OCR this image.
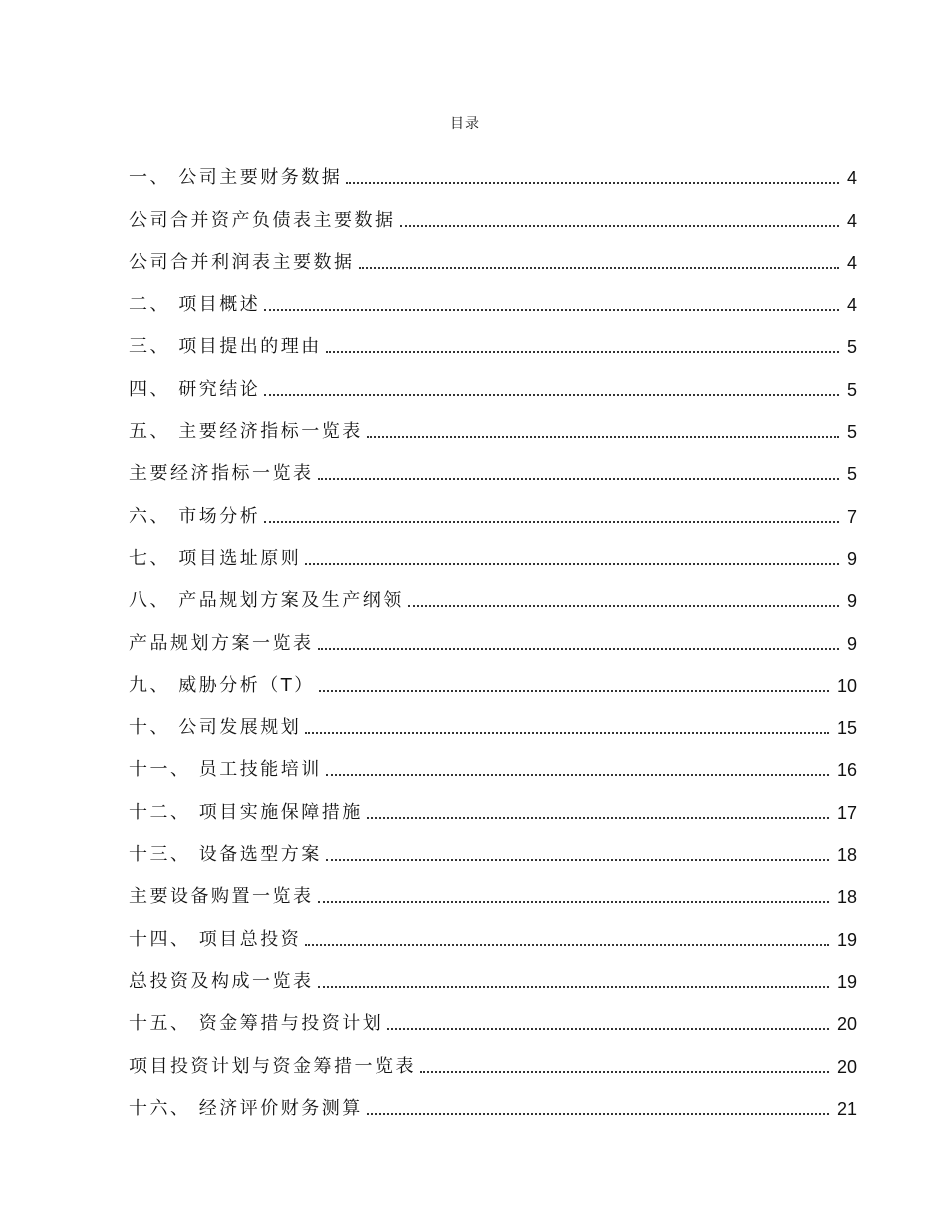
目录
一、 公司主要财务数据	4
公司合并资产负债表主要数据	4
公司合并利润表主要数据	4
二、 项目概述	4
三、 项目提出的理由	5
四、 研究结论	5
五、 主要经济指标一览表	5
主要经济指标一览表	5
六、 市场分析	7
七、 项目选址原则	9
八、 产品规划方案及生产纲领	9
产品规划方案一览表	9
九、 威胁分析（T）	10
十、 公司发展规划	15
十一、 员工技能培训	16
十二、 项目实施保障措施	17
十三、 设备选型方案	18
主要设备购置一览表	18
十四、 项目总投资	19
总投资及构成一览表	19
十五、 资金筹措与投资计划	20
项目投资计划与资金筹措一览表	20
十六、 经济评价财务测算	21
